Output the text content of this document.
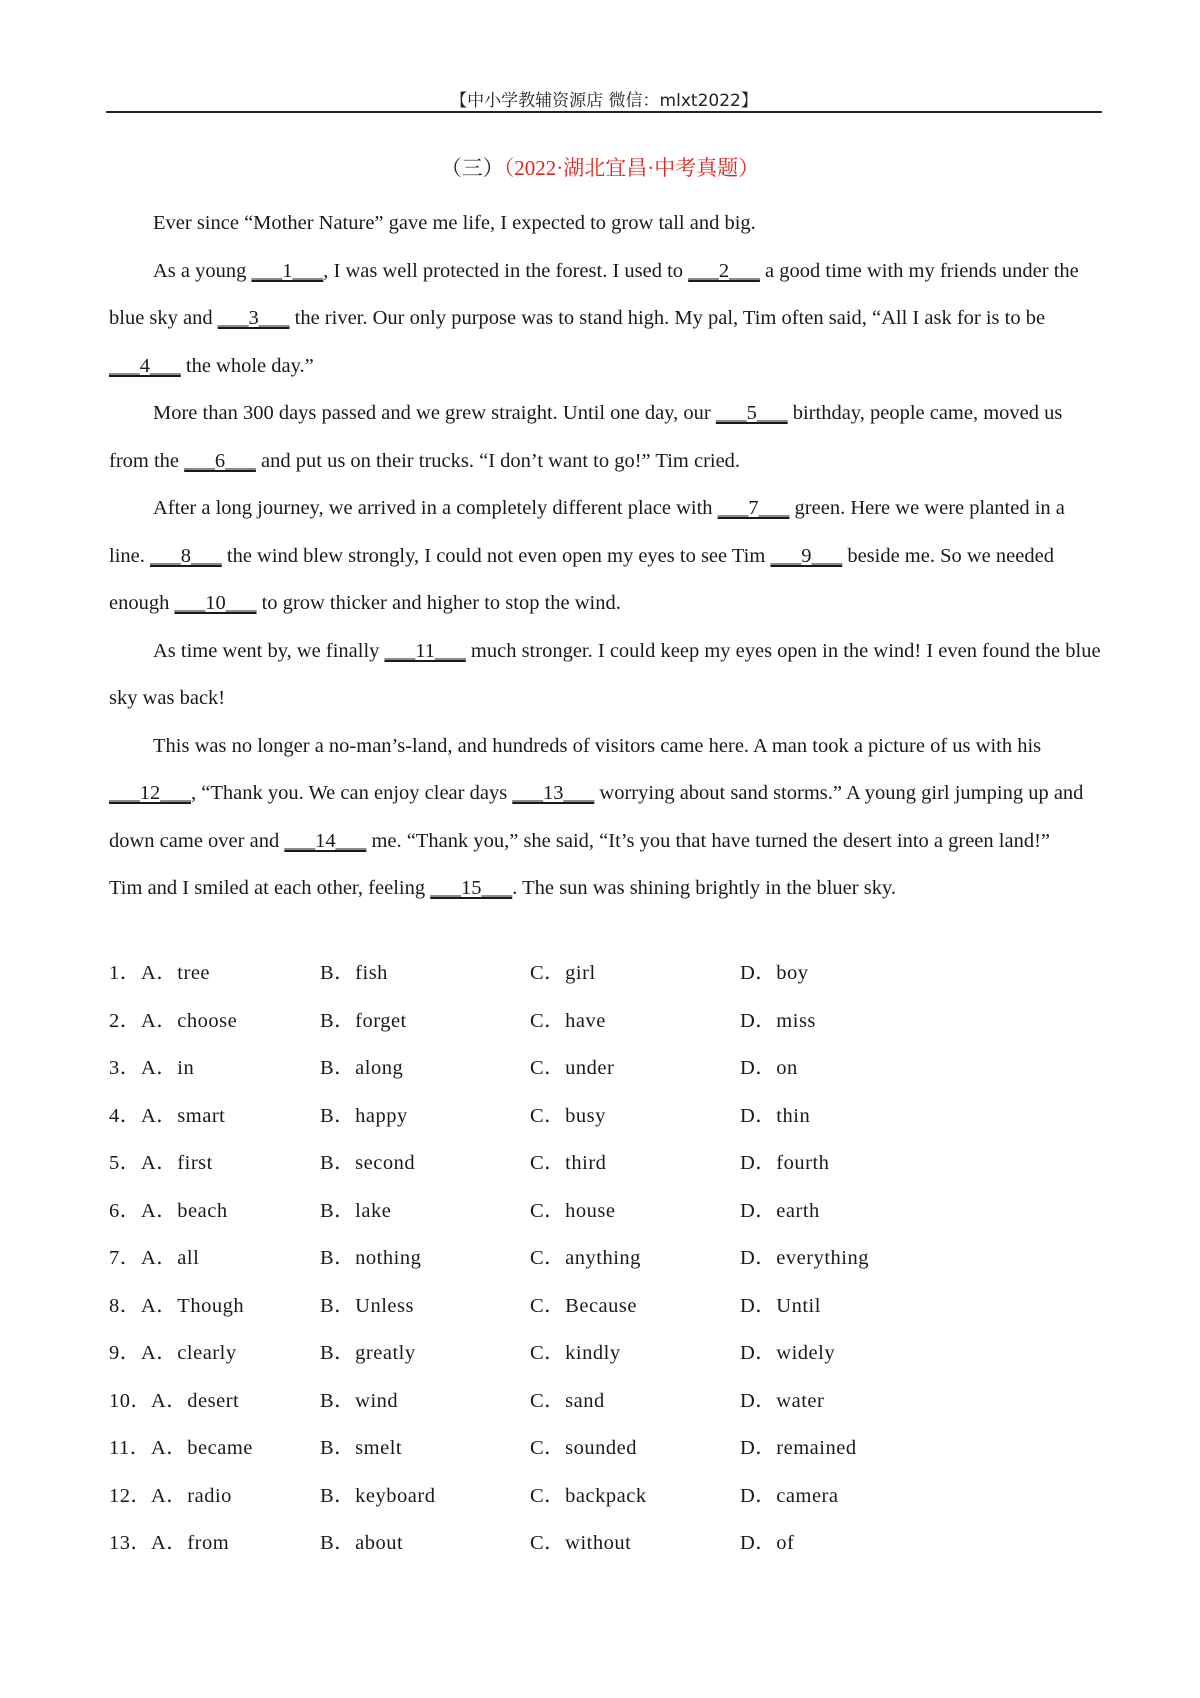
【中小学教辅资源店 微信：mlxt2022】
（三）（2022·湖北宜昌·中考真题）

Ever since “Mother Nature” gave me life, I expected to grow tall and big.

As a young ___1___, I was well protected in the forest. I used to ___2___ a good time with my friends under the blue sky and ___3___ the river. Our only purpose was to stand high. My pal, Tim often said, “All I ask for is to be ___4___ the whole day.”

More than 300 days passed and we grew straight. Until one day, our ___5___ birthday, people came, moved us from the ___6___ and put us on their trucks. “I don’t want to go!” Tim cried.

After a long journey, we arrived in a completely different place with ___7___ green. Here we were planted in a line. ___8___ the wind blew strongly, I could not even open my eyes to see Tim ___9___ beside me. So we needed enough ___10___ to grow thicker and higher to stop the wind.

As time went by, we finally ___11___ much stronger. I could keep my eyes open in the wind! I even found the blue sky was back!

This was no longer a no-man’s-land, and hundreds of visitors came here. A man took a picture of us with his ___12___, “Thank you. We can enjoy clear days ___13___ worrying about sand storms.” A young girl jumping up and down came over and ___14___ me. “Thank you,” she said, “It’s you that have turned the desert into a green land!”

Tim and I smiled at each other, feeling ___15___. The sun was shining brightly in the bluer sky.

1． A．tree	B．fish	C．girl	D．boy
2． A．choose	B．forget	C．have	D．miss
3． A．in	B．along	C．under	D．on
4． A．smart	B．happy	C．busy	D．thin
5． A．first	B．second	C．third	D．fourth
6． A．beach	B．lake	C．house	D．earth
7． A．all	B．nothing	C．anything	D．everything
8． A．Though	B．Unless	C．Because	D．Until
9． A．clearly	B．greatly	C．kindly	D．widely
10． A．desert	B．wind	C．sand	D．water
11． A．became	B．smelt	C．sounded	D．remained
12． A．radio	B．keyboard	C．backpack	D．camera
13． A．from	B．about	C．without	D．of
